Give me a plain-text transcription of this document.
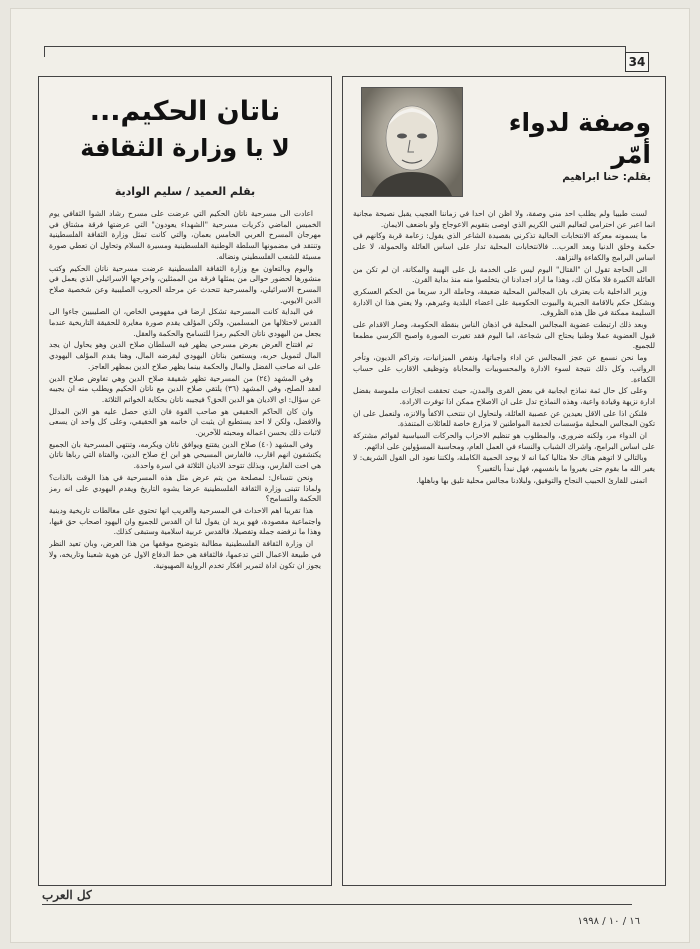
34
ناتان الحكيم...
لا يا وزارة الثقافة
بقلم العميد / سليم الوادية

اعادت الى مسرحية ناتان الحكيم التي عرضت على مسرح رشاد الشوا الثقافي يوم الخميس الماضي ذكريات مسرحية "الشهداء يعودون" التي عرضتها فرقة مشتاق في مهرجان المسرح العربي الخامس بعمان، والتي كانت تمثل وزارة الثقافة الفلسطينية وتنتقد في مضمونها السلطة الوطنية الفلسطينية ومسيرة السلام وتحاول ان تعطي صورة مسيئة للشعب الفلسطيني ونضاله.

واليوم وبالتعاون مع وزارة الثقافة الفلسطينية عرضت مسرحية ناتان الحكيم وكتب منشورها لحضور حوالى من يمثلها فرقة من الممثلين، واخرجها الاسرائيلي الذي يعمل في المسرح الاسرائيلي، والمسرحية تتحدث عن مرحلة الحروب الصليبية وعن شخصية صلاح الدين الايوبي.

في البداية كانت المسرحية تشكل ارضا في مفهومي الخاص، ان الصليبيين جاءوا الى القدس لاحتلالها من المسلمين، ولكن المؤلف يقدم صورة مغايرة للحقيقة التاريخية عندما يجعل من اليهودي ناتان الحكيم رمزا للتسامح والحكمة والعقل.

تم افتتاح العرض بعرض مسرحي يظهر فيه السلطان صلاح الدين وهو يحاول ان يجد المال لتمويل حربه، ويستعين بناتان اليهودي ليقرضه المال، وهنا يقدم المؤلف اليهودي على انه صاحب الفضل والمال والحكمة بينما يظهر صلاح الدين بمظهر العاجز.

وفي المشهد (٢٤) من المسرحية تظهر شقيقة صلاح الدين وهي تفاوض صلاح الدين لعقد الصلح، وفي المشهد (٣٦) يلتقي صلاح الدين مع ناتان الحكيم ويطلب منه ان يجيبه عن سؤال: اي الاديان هو الدين الحق؟ فيجيبه ناتان بحكاية الخواتم الثلاثة.

وان كان الحاكم الحقيقي هو صاحب القوة فان الذي حصل عليه هو الابن المدلل والافضل، ولكن لا احد يستطيع ان يثبت ان خاتمه هو الحقيقي، وعلى كل واحد ان يسعى لاثبات ذلك بحسن اعماله ومحبته للآخرين.

وفي المشهد (٤٠) صلاح الدين يقتنع ويوافق ناتان ويكرمه، وتنتهي المسرحية بان الجميع يكتشفون انهم اقارب، فالفارس المسيحي هو ابن اخ صلاح الدين، والفتاة التي رباها ناتان هي اخت الفارس، وبذلك تتوحد الاديان الثلاثة في اسرة واحدة.

ونحن نتساءل: لمصلحة من يتم عرض مثل هذه المسرحية في هذا الوقت بالذات؟ ولماذا تتبنى وزارة الثقافة الفلسطينية عرضا يشوه التاريخ ويقدم اليهودي على انه رمز الحكمة والتسامح؟

هذا تقريبا اهم الاحداث في المسرحية والغريب انها تحتوي على مغالطات تاريخية ودينية واجتماعية مقصودة، فهو يريد ان يقول لنا ان القدس للجميع وان اليهود اصحاب حق فيها، وهذا ما نرفضه جملة وتفصيلا، فالقدس عربية اسلامية وستبقى كذلك.

ان وزارة الثقافة الفلسطينية مطالبة بتوضيح موقفها من هذا العرض، وبان تعيد النظر في طبيعة الاعمال التي تدعمها، فالثقافة هي خط الدفاع الاول عن هوية شعبنا وتاريخه، ولا يجوز ان تكون اداة لتمرير افكار تخدم الرواية الصهيونية.

وصفة لدواء أمّر
بقلم: حنا ابراهيم

لست طبيبا ولم يطلب احد مني وصفة، ولا اظن ان احدا في زماننا العجيب يقبل نصيحة مجانية انما اعبر عن احترامي لتعاليم النبي الكريم الذي اوصى بتقويم الاعوجاج ولو باضعف الايمان.

ما يسمونه معركة الانتخابات الحالية تذكرني بقصيدة الشاعر الذي يقول: زعامة قربة وكانهم في حكمة وخلق الدنيا وبعد العرب... فالانتخابات المحلية تدار على اساس العائلة والحمولة، لا على اساس البرامج والكفاءة والنزاهة.

الى الحاجة تقول ان "القتال" اليوم ليس على الخدمة بل على الهيبة والمكانة، ان لم تكن من العائلة الكبيرة فلا مكان لك، وهذا ما اراد اجدادنا ان يتخلصوا منه منذ بداية القرن.

وزير الداخلية بات يعترف بان المجالس المحلية ضعيفة، وحاملة الرد سريعا من الحكم العسكري وبشكل حكم بالاقامة الجبرية والبيوت الحكومية على اعضاء البلدية وغيرهم، ولا يعني هذا ان الادارة السليمة ممكنة في ظل هذه الظروف.

وبعد ذلك ارتبطت عضوية المجالس المحلية في اذهان الناس بنقطة الحكومة، وصار الاقدام على قبول العضوية عملا وطنيا يحتاج الى شجاعة، اما اليوم فقد تغيرت الصورة واصبح الكرسي مطمعا للجميع.

وما نحن نسمع عن عجز المجالس عن اداء واجباتها، ونقص الميزانيات، وتراكم الديون، وتأخر الرواتب، وكل ذلك نتيجة لسوء الادارة والمحسوبيات والمحاباة وتوظيف الاقارب على حساب الكفاءة.

وعلى كل حال ثمة نماذج ايجابية في بعض القرى والمدن، حيث تحققت انجازات ملموسة بفضل ادارة نزيهة وقيادة واعية، وهذه النماذج تدل على ان الاصلاح ممكن اذا توفرت الارادة.

فلنكن اذا على الاقل بعيدين عن عصبية العائلة، ولنحاول ان ننتخب الاكفأ والانزه، ولنعمل على ان تكون المجالس المحلية مؤسسات لخدمة المواطنين لا مزارع خاصة للعائلات المتنفذة.

ان الدواء مر، ولكنه ضروري، والمطلوب هو تنظيم الاحزاب والحركات السياسية لقوائم مشتركة على اساس البرامج، واشراك الشباب والنساء في العمل العام، ومحاسبة المسؤولين على ادائهم.

وبالتالي لا اتوهم هناك حلا مثاليا كما انه لا يوجد الحمية الكاملة، ولكننا نعود الى القول الشريف: لا يغير الله ما بقوم حتى يغيروا ما بانفسهم، فهل نبدأ بالتغيير؟

اتمنى للقارئ الحبيب النجاح والتوفيق، ولبلادنا مجالس محلية تليق بها وباهلها.

كل العرب
١٦ / ١٠ / ١٩٩٨
